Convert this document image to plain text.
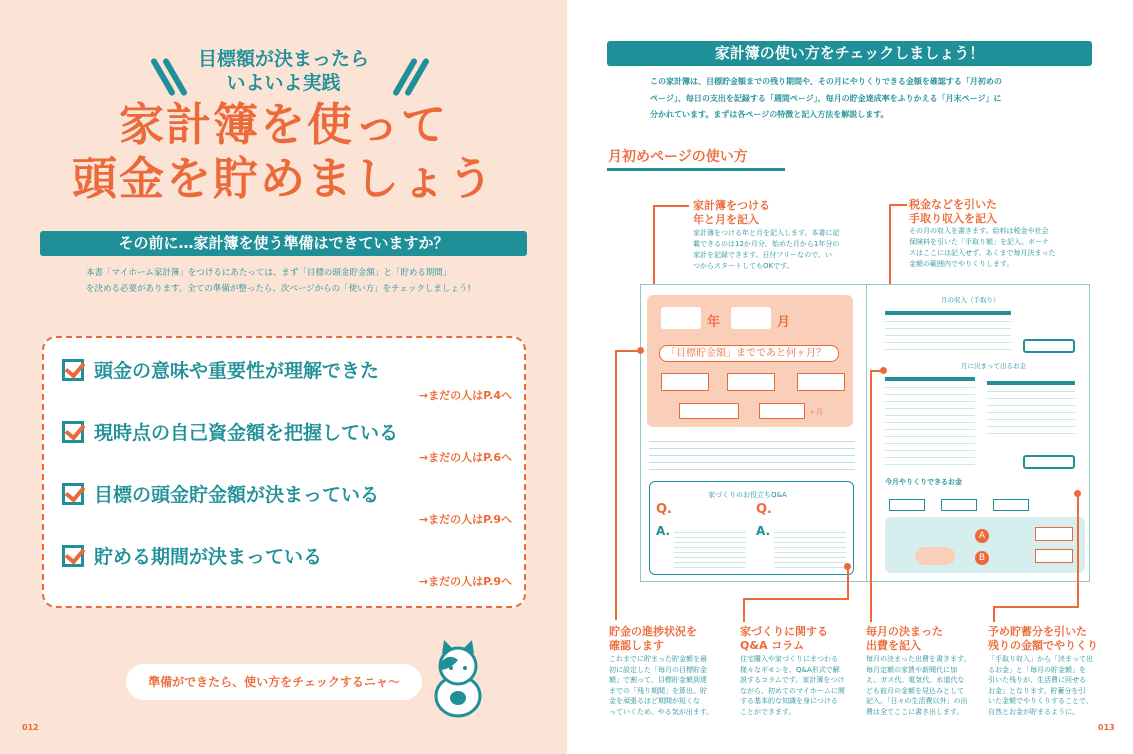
目標額が決まったら
いよいよ実践
家計簿を使って
頭金を貯めましょう
その前に…家計簿を使う準備はできていますか？
本書「マイホーム家計簿」をつけるにあたっては、まず「目標の頭金貯金額」と「貯める期間」
を決める必要があります。全ての準備が整ったら、次ページからの「使い方」をチェックしましょう!
頭金の意味や重要性が理解できた
→まだの人はP.4へ
現時点の自己資金額を把握している
→まだの人はP.6へ
目標の頭金貯金額が決まっている
→まだの人はP.9へ
貯める期間が決まっている
→まだの人はP.9へ
準備ができたら、使い方をチェックするニャ〜
012
家計簿の使い方をチェックしましょう！
この家計簿は、目標貯金額までの残り期間や、その月にやりくりできる金額を確認する「月初めの
ページ」、毎日の支出を記録する「週間ページ」、毎月の貯金達成率をふりかえる「月末ページ」に
分かれています。まずは各ページの特徴と記入方法を解説します。
月初めページの使い方
家計簿をつける
年と月を記入
家計簿をつける年と月を記入します。本書に記
載できるのは12か月分。始めた月から1年分の
家計を記録できます。日付フリーなので、い
つからスタートしてもOKです。
税金などを引いた
手取り収入を記入
その月の収入を書きます。給料は税金や社会
保険料を引いた「手取り額」を記入。ボーナ
スはここには記入せず、あくまで毎月決まった
金額の範囲内でやりくりします。
年	月
「目標貯金額」までであと何ヶ月？
ヶ月
家づくりのお役立ちQ&A
Q.
A.
Q.
A.
月の収入（手取り）
月に決まって出るお金
今月やりくりできるお金
A
B
貯金の進捗状況を
確認します
これまでに貯まった貯金額を最
初に設定した「毎月の目標貯金
額」で割って、目標貯金額到達
までの「残り期間」を算出。貯
金を頑張るほど期間が短くな
っていくため、やる気が出ます。
家づくりに関する
Q&A コラム
住宅購入や家づくりにまつわる
様々なギモンを、Q&A形式で解
説するコラムです。家計簿をつけ
ながら、初めてのマイホームに関
する基本的な知識を身につける
ことができます。
毎月の決まった
出費を記入
毎月の決まった出費を書きます。
毎月定額の家賃や新聞代に加
え、ガス代、電気代、水道代な
ども前月の金額を見込みとして
記入。「日々の生活費以外」の出
費は全てここに書き出します。
予め貯蓄分を引いた
残りの金額でやりくり
「手取り収入」から「決まって出
るお金」と「毎月の貯金額」を
引いた残りが、生活費に回せる
お金」となります。貯蓄分を引
いた金額でやりくりすることで、
自然とお金が貯まるように。
013
